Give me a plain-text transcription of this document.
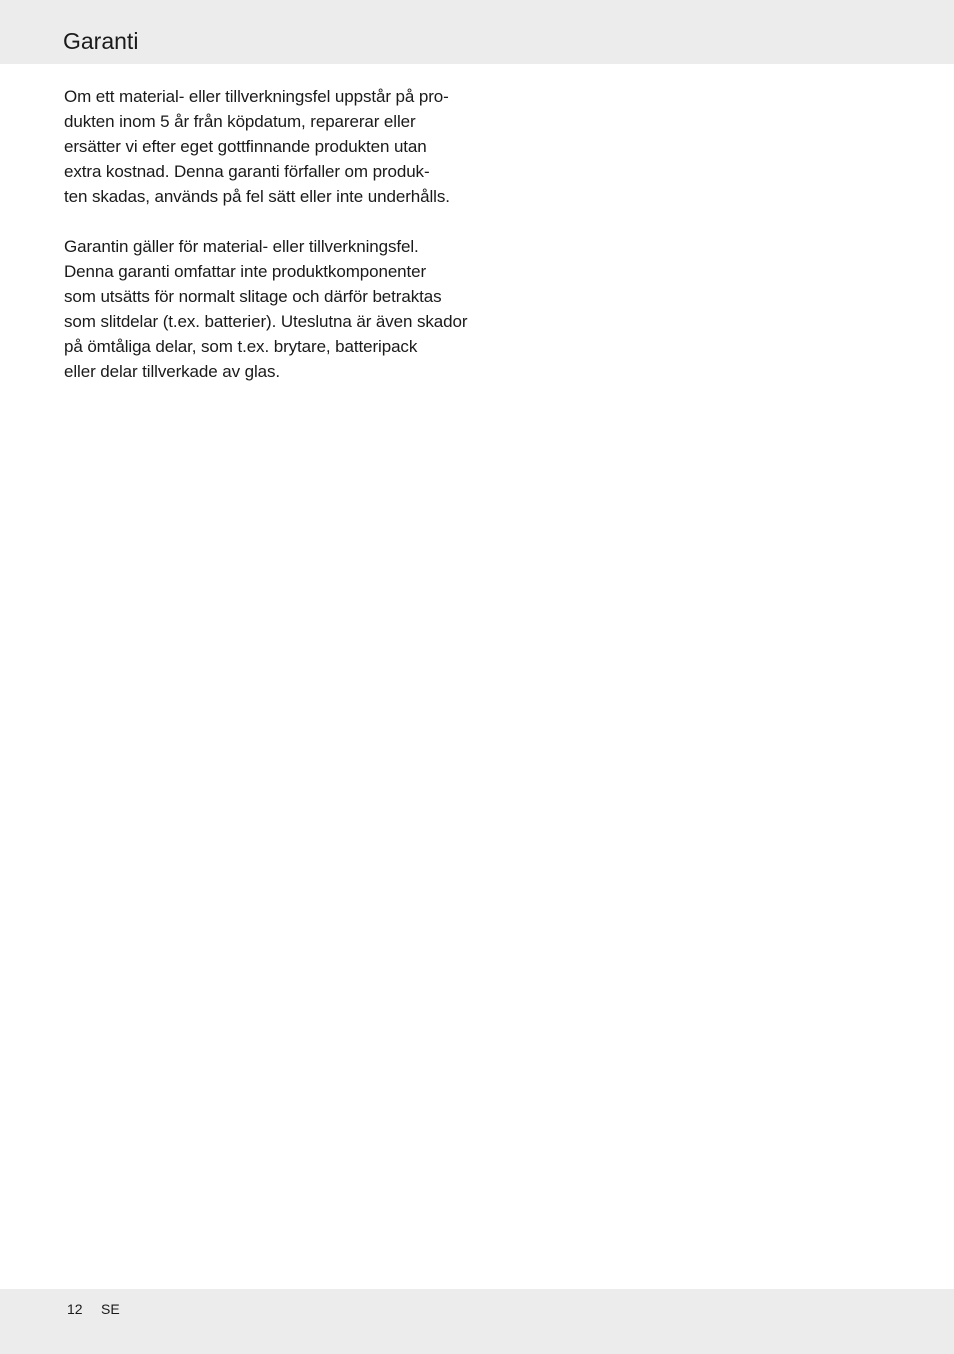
Garanti

Om ett material- eller tillverkningsfel uppstår på pro-
dukten inom 5 år från köpdatum, reparerar eller
ersätter vi efter eget gottfinnande produkten utan
extra kostnad. Denna garanti förfaller om produk-
ten skadas, används på fel sätt eller inte underhålls.

Garantin gäller för material- eller tillverkningsfel.
Denna garanti omfattar inte produktkomponenter
som utsätts för normalt slitage och därför betraktas
som slitdelar (t.ex. batterier). Uteslutna är även skador
på ömtåliga delar, som t.ex. brytare, batteripack
eller delar tillverkade av glas.

12 SE
